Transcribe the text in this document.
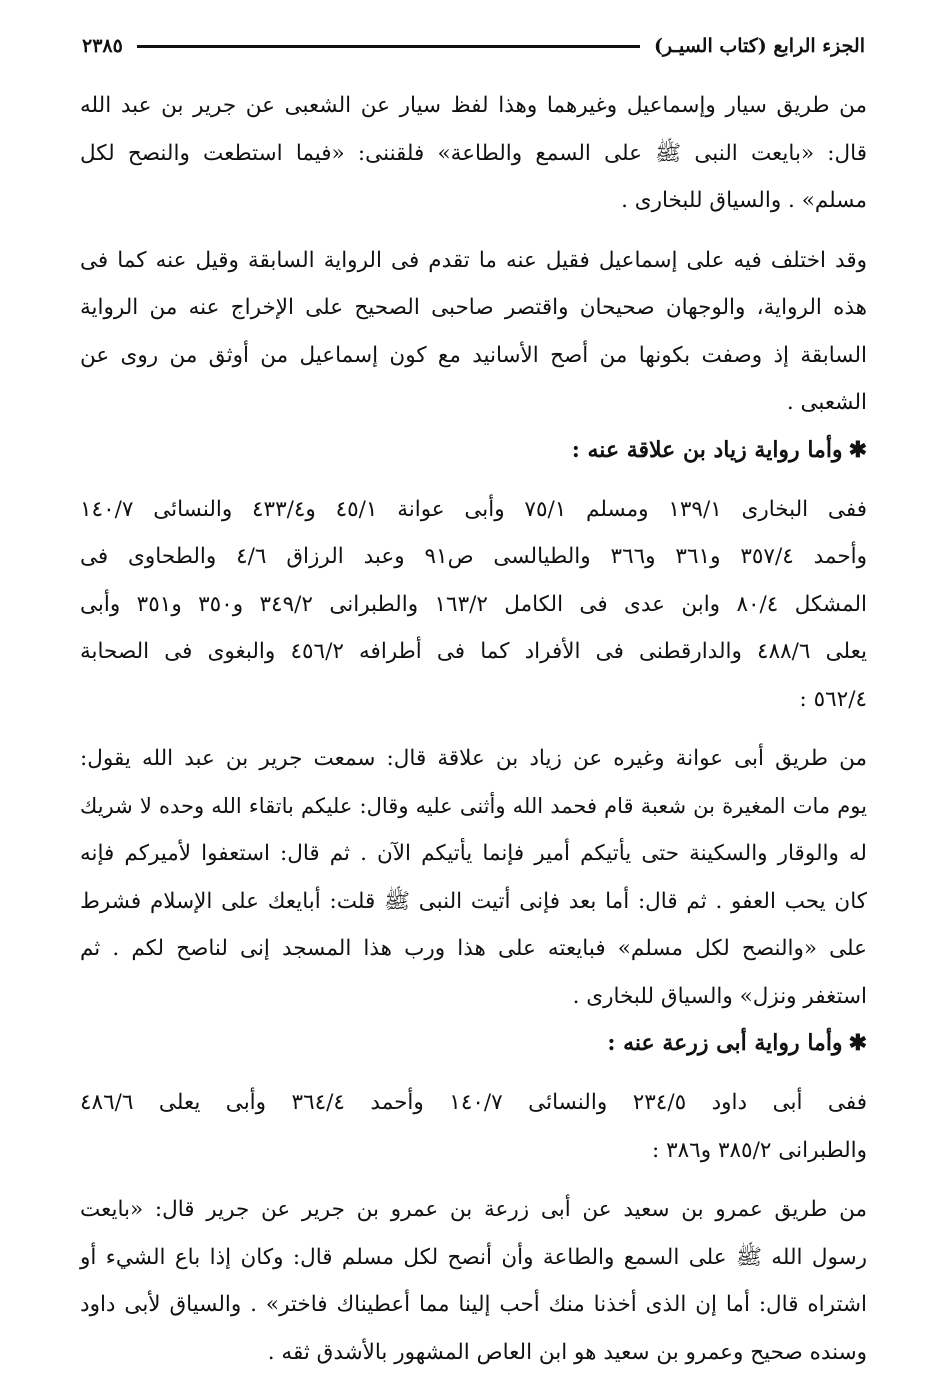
الجزء الرابع (كتاب السيـر)
٢٣٨٥

من طريق سيار وإسماعيل وغيرهما وهذا لفظ سيار عن الشعبى عن جرير بن عبد الله
قال: «بايعت النبى ﷺ على السمع والطاعة» فلقننى: «فيما استطعت والنصح لكل
مسلم» . والسياق للبخارى .

وقد اختلف فيه على إسماعيل فقيل عنه ما تقدم فى الرواية السابقة وقيل عنه كما فى
هذه الرواية، والوجهان صحيحان واقتصر صاحبى الصحيح على الإخراج عنه من الرواية
السابقة إذ وصفت بكونها من أصح الأسانيد مع كون إسماعيل من أوثق من روى عن
الشعبى .

✱وأما رواية زياد بن علاقة عنه :

ففى البخارى ١٣٩/١ ومسلم ٧٥/١ وأبى عوانة ٤٥/١ و٤٣٣/٤ والنسائى ١٤٠/٧
وأحمد ٣٥٧/٤ و٣٦١ و٣٦٦ والطيالسى ص٩١ وعبد الرزاق ٤/٦ والطحاوى فى
المشكل ٨٠/٤ وابن عدى فى الكامل ١٦٣/٢ والطبرانى ٣٤٩/٢ و٣٥٠ و٣٥١ وأبى
يعلى ٤٨٨/٦ والدارقطنى فى الأفراد كما فى أطرافه ٤٥٦/٢ والبغوى فى الصحابة
٥٦٢/٤ :

من طريق أبى عوانة وغيره عن زياد بن علاقة قال: سمعت جرير بن عبد الله يقول:
يوم مات المغيرة بن شعبة قام فحمد الله وأثنى عليه وقال: عليكم باتقاء الله وحده لا شريك
له والوقار والسكينة حتى يأتيكم أمير فإنما يأتيكم الآن . ثم قال: استعفوا لأميركم فإنه
كان يحب العفو . ثم قال: أما بعد فإنى أتيت النبى ﷺ قلت: أبايعك على الإسلام فشرط
على «والنصح لكل مسلم» فبايعته على هذا ورب هذا المسجد إنى لناصح لكم . ثم
استغفر ونزل» والسياق للبخارى .

✱وأما رواية أبى زرعة عنه :

ففى أبى داود ٢٣٤/٥ والنسائى ١٤٠/٧ وأحمد ٣٦٤/٤ وأبى يعلى ٤٨٦/٦
والطبرانى ٣٨٥/٢ و٣٨٦ :

من طريق عمرو بن سعيد عن أبى زرعة بن عمرو بن جرير عن جرير قال: «بايعت
رسول الله ﷺ على السمع والطاعة وأن أنصح لكل مسلم قال: وكان إذا باع الشيء أو
اشتراه قال: أما إن الذى أخذنا منك أحب إلينا مما أعطيناك فاختر» . والسياق لأبى داود
وسنده صحيح وعمرو بن سعيد هو ابن العاص المشهور بالأشدق ثقه .
